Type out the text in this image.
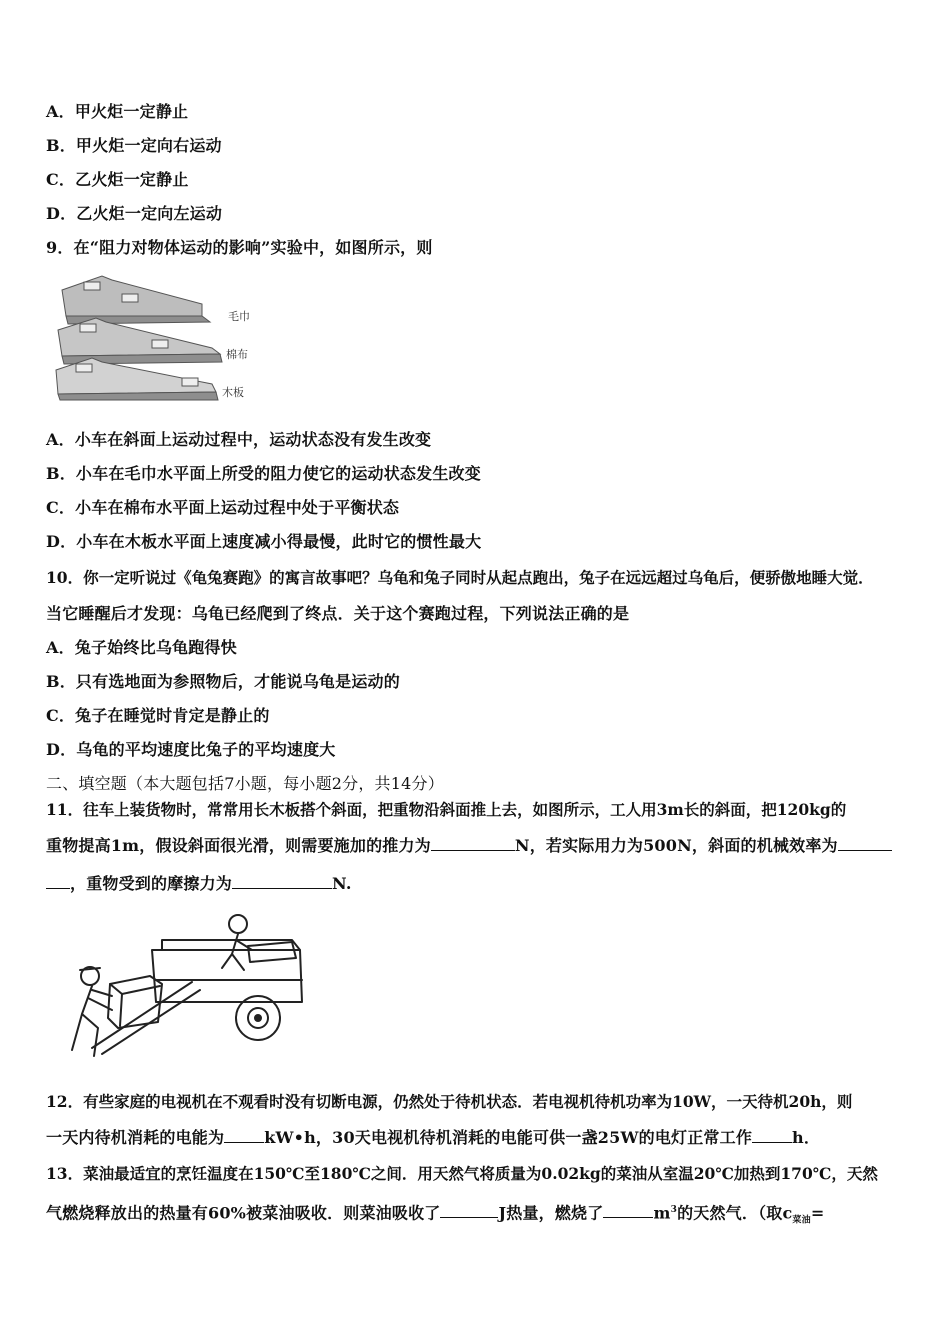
A．甲火炬一定静止
B．甲火炬一定向右运动
C．乙火炬一定静止
D．乙火炬一定向左运动
9．在“阻力对物体运动的影响”实验中，如图所示，则
毛巾
棉布
木板
A．小车在斜面上运动过程中，运动状态没有发生改变
B．小车在毛巾水平面上所受的阻力使它的运动状态发生改变
C．小车在棉布水平面上运动过程中处于平衡状态
D．小车在木板水平面上速度减小得最慢，此时它的惯性最大
10．你一定听说过《龟兔赛跑》的寓言故事吧？乌龟和兔子同时从起点跑出，兔子在远远超过乌龟后，便骄傲地睡大觉．
当它睡醒后才发现：乌龟已经爬到了终点．关于这个赛跑过程，下列说法正确的是
A．兔子始终比乌龟跑得快
B．只有选地面为参照物后，才能说乌龟是运动的
C．兔子在睡觉时肯定是静止的
D．乌龟的平均速度比兔子的平均速度大
二、填空题（本大题包括7小题，每小题2分，共14分）
11．往车上装货物时，常常用长木板搭个斜面，把重物沿斜面推上去，如图所示，工人用3m长的斜面，把120kg的
重物提高1m，假设斜面很光滑，则需要施加的推力为	N，若实际用力为500N，斜面的机械效率为
，重物受到的摩擦力为	N.
12．有些家庭的电视机在不观看时没有切断电源，仍然处于待机状态．若电视机待机功率为10W，一天待机20h，则
一天内待机消耗的电能为	kW•h，30天电视机待机消耗的电能可供一盏25W的电灯正常工作	h．
13．菜油最适宜的烹饪温度在150℃至180℃之间．用天然气将质量为0.02kg的菜油从室温20℃加热到170℃，天然
气燃烧释放出的热量有60%被菜油吸收．则菜油吸收了	J热量，燃烧了	$m^3$的天然气．（取$c_{菜油}=$
